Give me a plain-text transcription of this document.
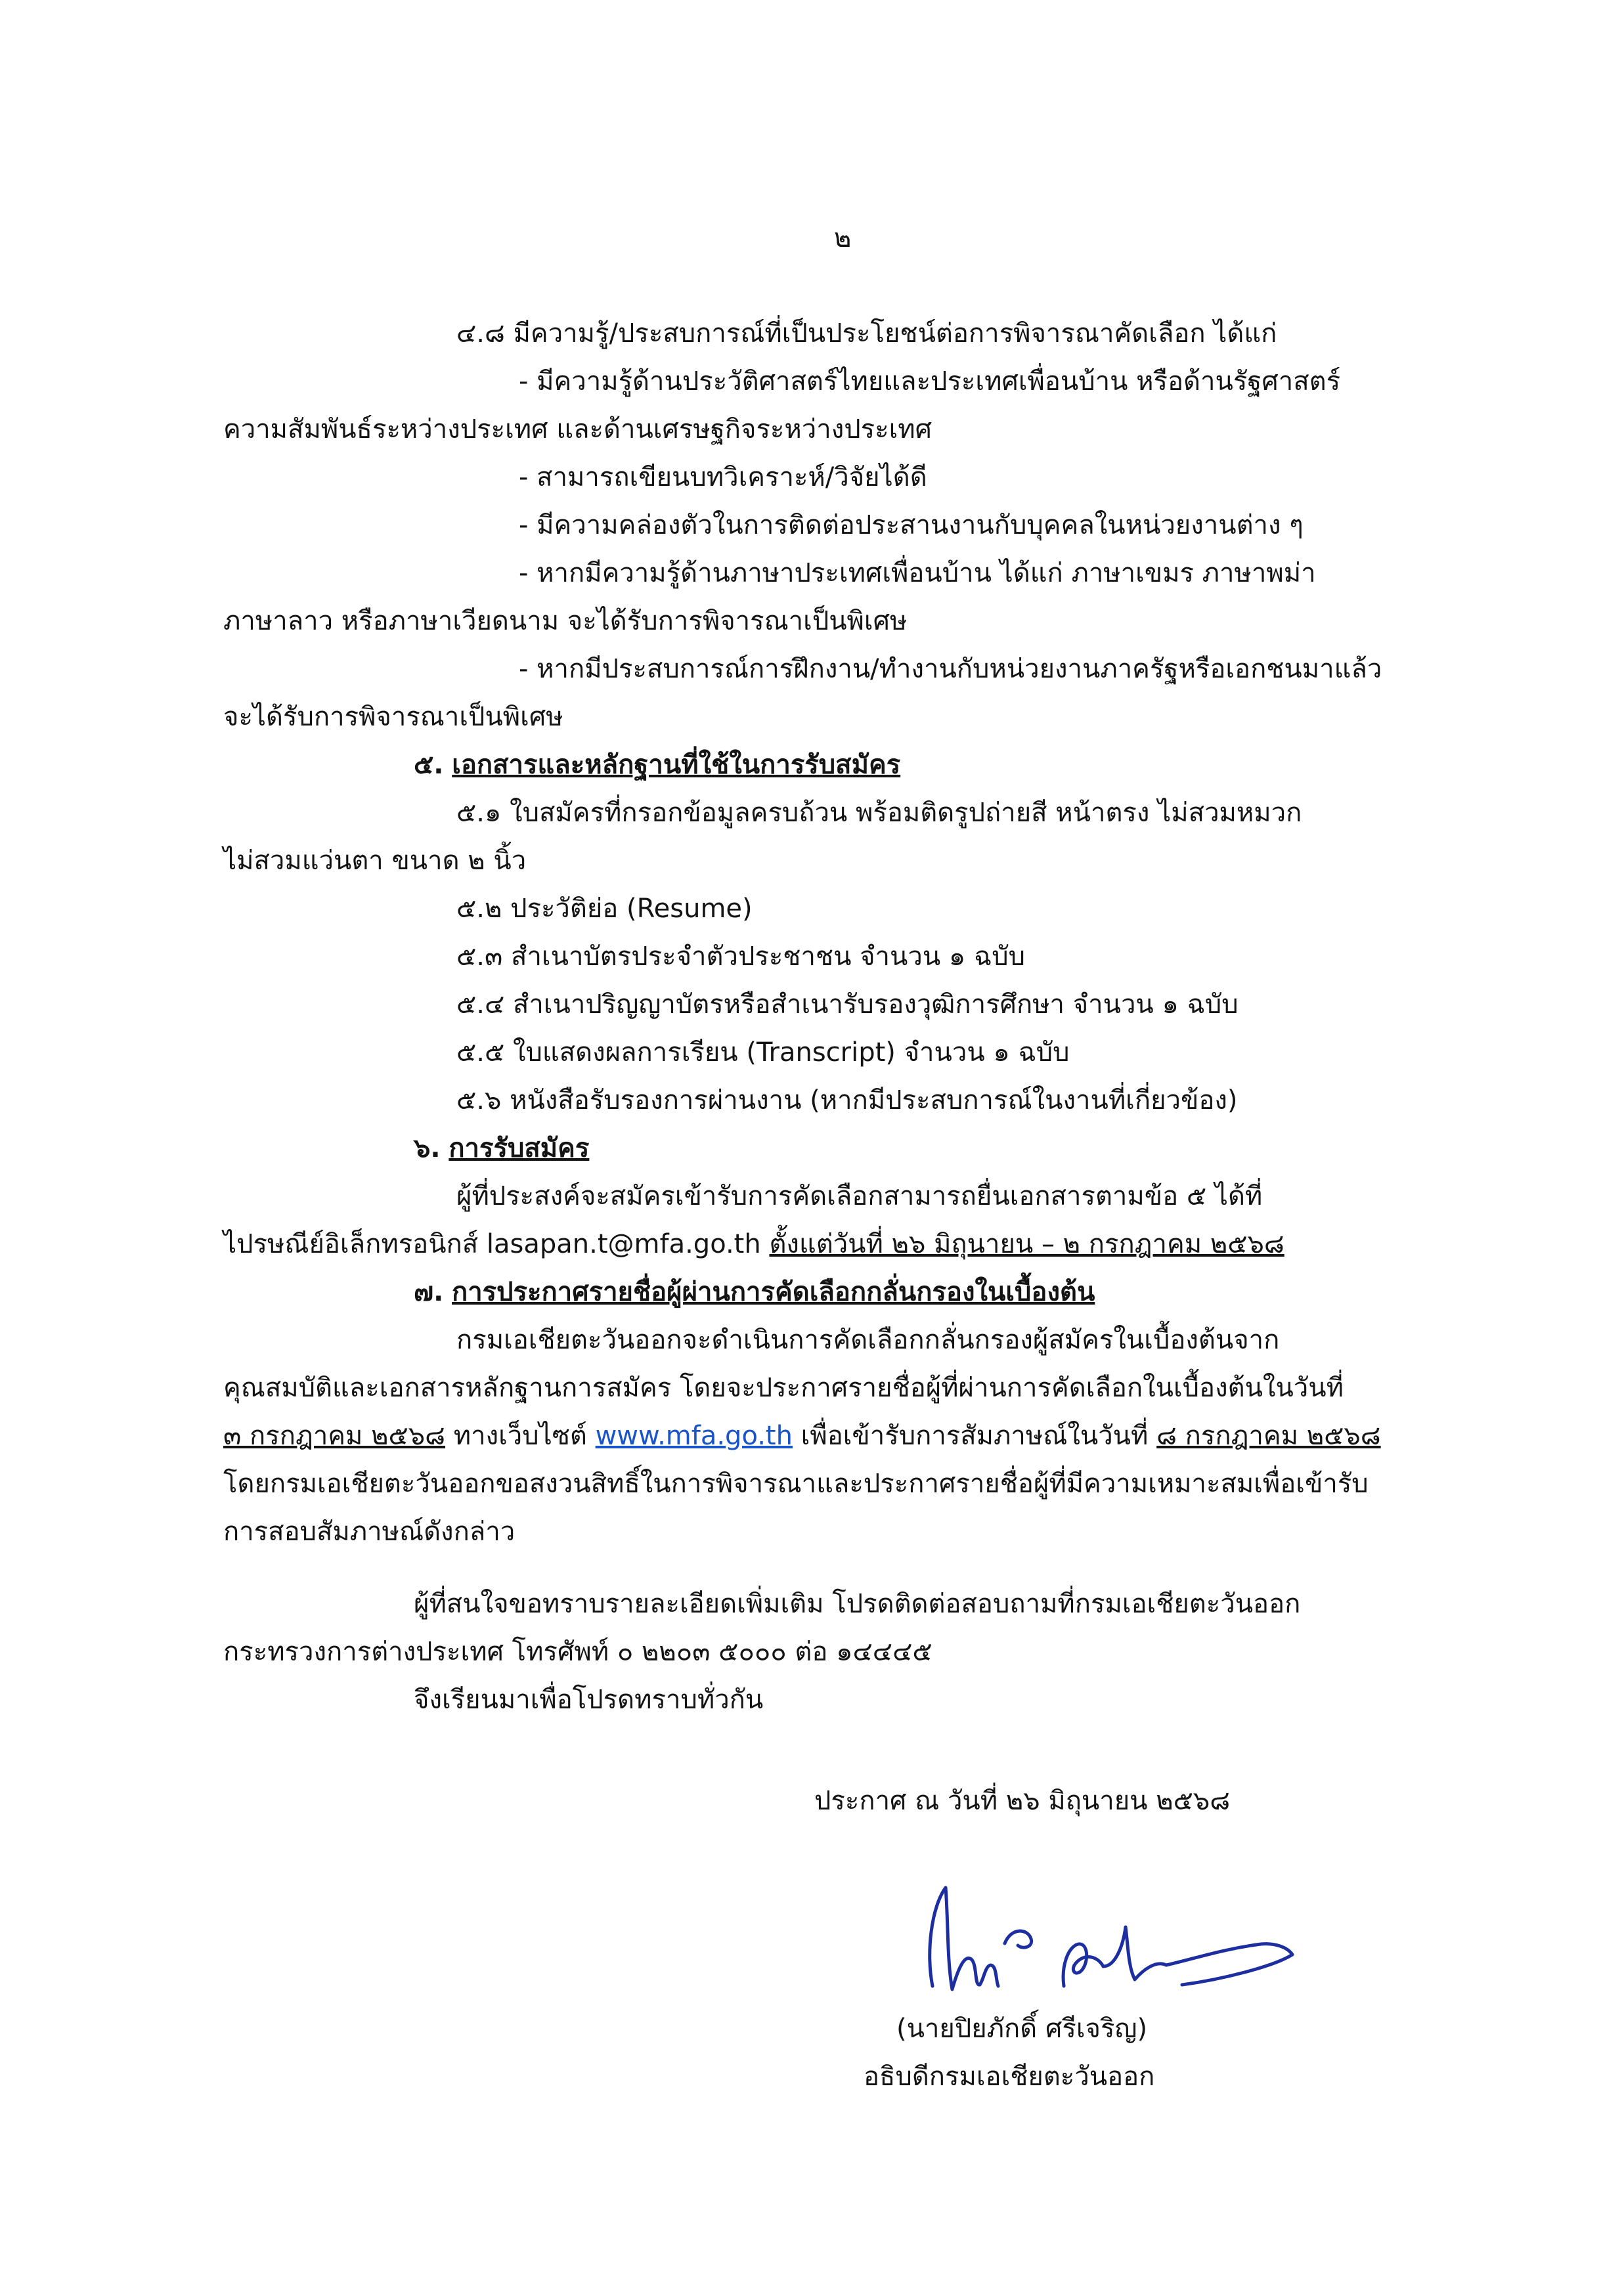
๒

๔.๘ มีความรู้/ประสบการณ์ที่เป็นประโยชน์ต่อการพิจารณาคัดเลือก ได้แก่

- มีความรู้ด้านประวัติศาสตร์ไทยและประเทศเพื่อนบ้าน หรือด้านรัฐศาสตร์

ความสัมพันธ์ระหว่างประเทศ และด้านเศรษฐกิจระหว่างประเทศ

- สามารถเขียนบทวิเคราะห์/วิจัยได้ดี

- มีความคล่องตัวในการติดต่อประสานงานกับบุคคลในหน่วยงานต่าง ๆ

- หากมีความรู้ด้านภาษาประเทศเพื่อนบ้าน ได้แก่ ภาษาเขมร ภาษาพม่า

ภาษาลาว หรือภาษาเวียดนาม จะได้รับการพิจารณาเป็นพิเศษ

- หากมีประสบการณ์การฝึกงาน/ทำงานกับหน่วยงานภาครัฐหรือเอกชนมาแล้ว

จะได้รับการพิจารณาเป็นพิเศษ

๕. เอกสารและหลักฐานที่ใช้ในการรับสมัคร

๕.๑ ใบสมัครที่กรอกข้อมูลครบถ้วน พร้อมติดรูปถ่ายสี หน้าตรง ไม่สวมหมวก

ไม่สวมแว่นตา ขนาด ๒ นิ้ว

๕.๒ ประวัติย่อ (Resume)

๕.๓ สำเนาบัตรประจำตัวประชาชน จำนวน ๑ ฉบับ

๕.๔ สำเนาปริญญาบัตรหรือสำเนารับรองวุฒิการศึกษา จำนวน ๑ ฉบับ

๕.๕ ใบแสดงผลการเรียน (Transcript) จำนวน ๑ ฉบับ

๕.๖ หนังสือรับรองการผ่านงาน (หากมีประสบการณ์ในงานที่เกี่ยวข้อง)

๖. การรับสมัคร

ผู้ที่ประสงค์จะสมัครเข้ารับการคัดเลือกสามารถยื่นเอกสารตามข้อ ๕ ได้ที่

ไปรษณีย์อิเล็กทรอนิกส์ lasapan.t@mfa.go.th ตั้งแต่วันที่ ๒๖ มิถุนายน – ๒ กรกฎาคม ๒๕๖๘

๗. การประกาศรายชื่อผู้ผ่านการคัดเลือกกลั่นกรองในเบื้องต้น

กรมเอเชียตะวันออกจะดำเนินการคัดเลือกกลั่นกรองผู้สมัครในเบื้องต้นจาก

คุณสมบัติและเอกสารหลักฐานการสมัคร โดยจะประกาศรายชื่อผู้ที่ผ่านการคัดเลือกในเบื้องต้นในวันที่

๓ กรกฎาคม ๒๕๖๘ ทางเว็บไซต์ www.mfa.go.th เพื่อเข้ารับการสัมภาษณ์ในวันที่ ๘ กรกฎาคม ๒๕๖๘

โดยกรมเอเชียตะวันออกขอสงวนสิทธิ์ในการพิจารณาและประกาศรายชื่อผู้ที่มีความเหมาะสมเพื่อเข้ารับ

การสอบสัมภาษณ์ดังกล่าว

ผู้ที่สนใจขอทราบรายละเอียดเพิ่มเติม โปรดติดต่อสอบถามที่กรมเอเชียตะวันออก

กระทรวงการต่างประเทศ โทรศัพท์ ๐ ๒๒๐๓ ๕๐๐๐ ต่อ ๑๔๔๔๕

จึงเรียนมาเพื่อโปรดทราบทั่วกัน

ประกาศ ณ วันที่ ๒๖ มิถุนายน ๒๕๖๘

(นายปิยภักดิ์ ศรีเจริญ)

อธิบดีกรมเอเชียตะวันออก
